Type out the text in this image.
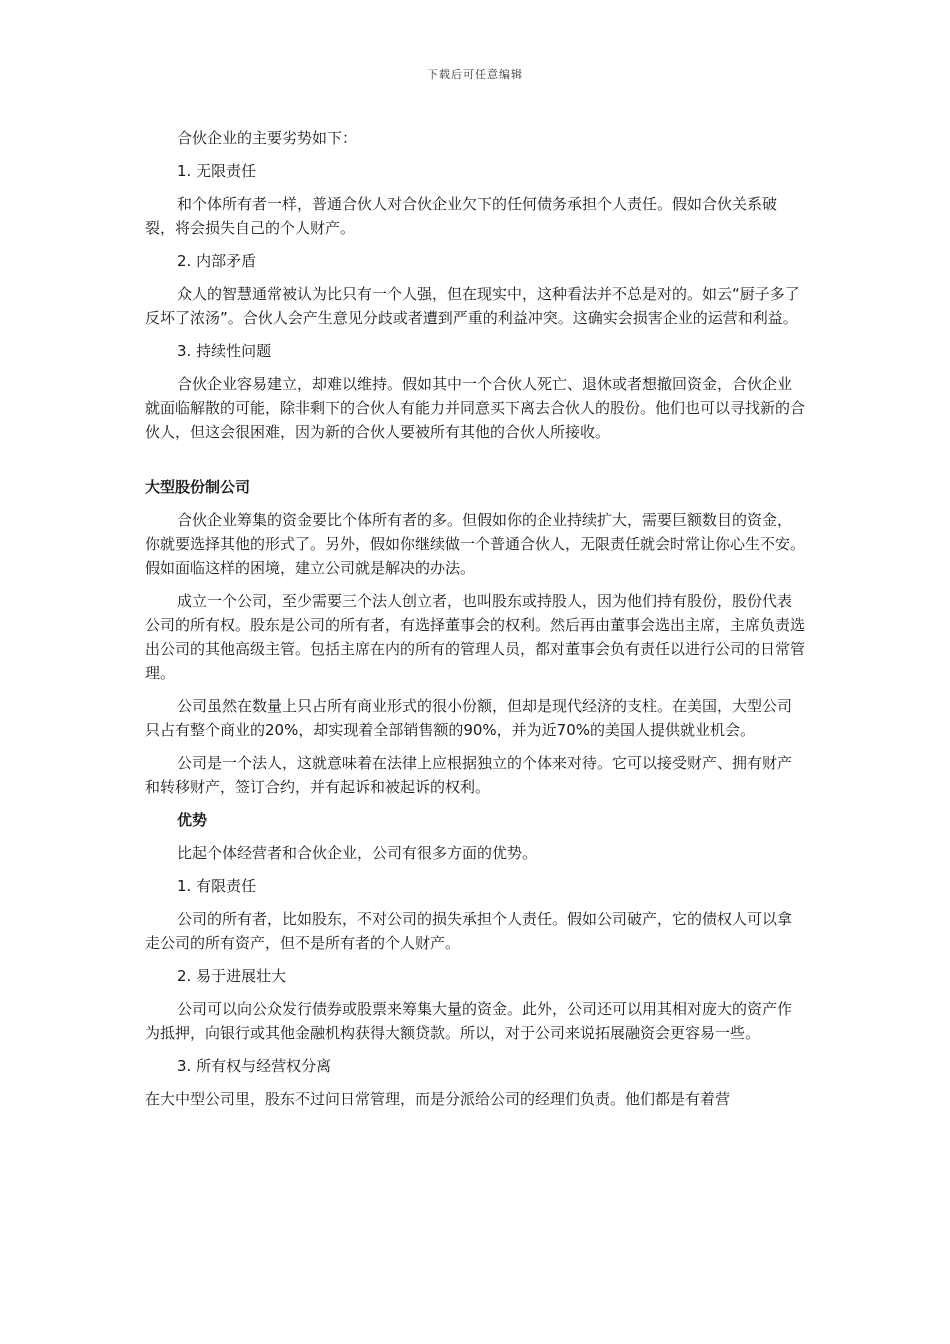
下载后可任意编辑

合伙企业的主要劣势如下：

1. 无限责任

和个体所有者一样，普通合伙人对合伙企业欠下的任何债务承担个人责任。假如合伙关系破裂，将会损失自己的个人财产。

2. 内部矛盾

众人的智慧通常被认为比只有一个人强，但在现实中，这种看法并不总是对的。如云“厨子多了反坏了浓汤”。合伙人会产生意见分歧或者遭到严重的利益冲突。这确实会损害企业的运营和利益。

3. 持续性问题

合伙企业容易建立，却难以维持。假如其中一个合伙人死亡、退休或者想撤回资金，合伙企业就面临解散的可能，除非剩下的合伙人有能力并同意买下离去合伙人的股份。他们也可以寻找新的合伙人，但这会很困难，因为新的合伙人要被所有其他的合伙人所接收。

大型股份制公司

合伙企业筹集的资金要比个体所有者的多。但假如你的企业持续扩大，需要巨额数目的资金，你就要选择其他的形式了。另外，假如你继续做一个普通合伙人，无限责任就会时常让你心生不安。假如面临这样的困境，建立公司就是解决的办法。

成立一个公司，至少需要三个法人创立者，也叫股东或持股人，因为他们持有股份，股份代表公司的所有权。股东是公司的所有者，有选择董事会的权利。然后再由董事会选出主席，主席负责选出公司的其他高级主管。包括主席在内的所有的管理人员，都对董事会负有责任以进行公司的日常管理。

公司虽然在数量上只占所有商业形式的很小份额，但却是现代经济的支柱。在美国，大型公司只占有整个商业的20%，却实现着全部销售额的90%，并为近70%的美国人提供就业机会。

公司是一个法人，这就意味着在法律上应根据独立的个体来对待。它可以接受财产、拥有财产和转移财产，签订合约，并有起诉和被起诉的权利。

优势

比起个体经营者和合伙企业，公司有很多方面的优势。

1. 有限责任

公司的所有者，比如股东，不对公司的损失承担个人责任。假如公司破产，它的债权人可以拿走公司的所有资产，但不是所有者的个人财产。

2. 易于进展壮大

公司可以向公众发行债券或股票来筹集大量的资金。此外，公司还可以用其相对庞大的资产作为抵押，向银行或其他金融机构获得大额贷款。所以，对于公司来说拓展融资会更容易一些。

3. 所有权与经营权分离

在大中型公司里，股东不过问日常管理，而是分派给公司的经理们负责。他们都是有着营
